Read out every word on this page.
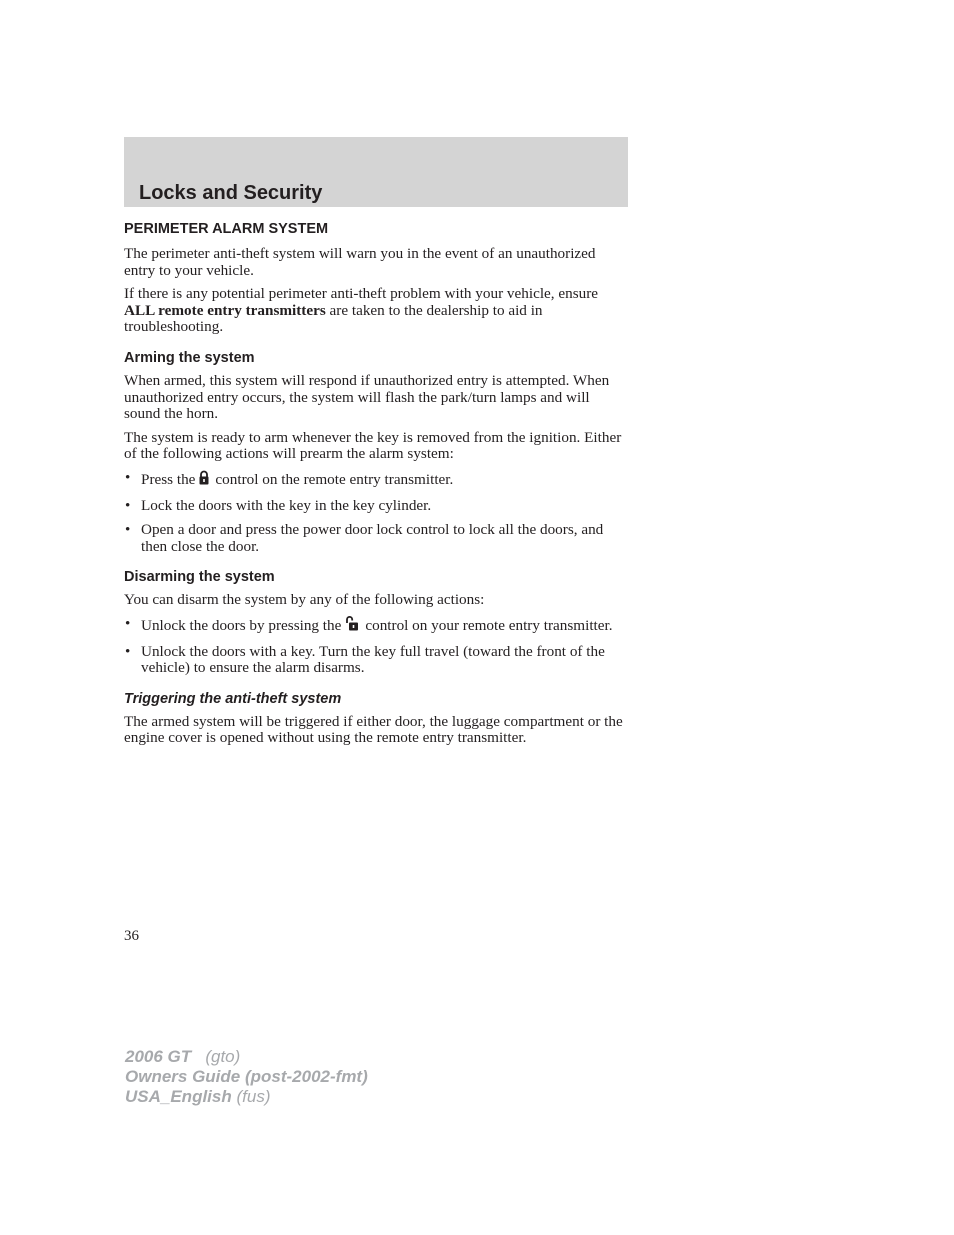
Locks and Security
PERIMETER ALARM SYSTEM

The perimeter anti-theft system will warn you in the event of an unauthorized entry to your vehicle.

If there is any potential perimeter anti-theft problem with your vehicle, ensure ALL remote entry transmitters are taken to the dealership to aid in troubleshooting.

Arming the system

When armed, this system will respond if unauthorized entry is attempted. When unauthorized entry occurs, the system will flash the park/turn lamps and will sound the horn.

The system is ready to arm whenever the key is removed from the ignition. Either of the following actions will prearm the alarm system:

• Press the control on the remote entry transmitter.
• Lock the doors with the key in the key cylinder.
• Open a door and press the power door lock control to lock all the doors, and then close the door.
Disarming the system

You can disarm the system by any of the following actions:

• Unlock the doors by pressing the control on your remote entry transmitter.
• Unlock the doors with a key. Turn the key full travel (toward the front of the vehicle) to ensure the alarm disarms.
Triggering the anti-theft system

The armed system will be triggered if either door, the luggage compartment or the engine cover is opened without using the remote entry transmitter.

36
2006 GT (gto)
Owners Guide (post-2002-fmt)
USA_English (fus)
